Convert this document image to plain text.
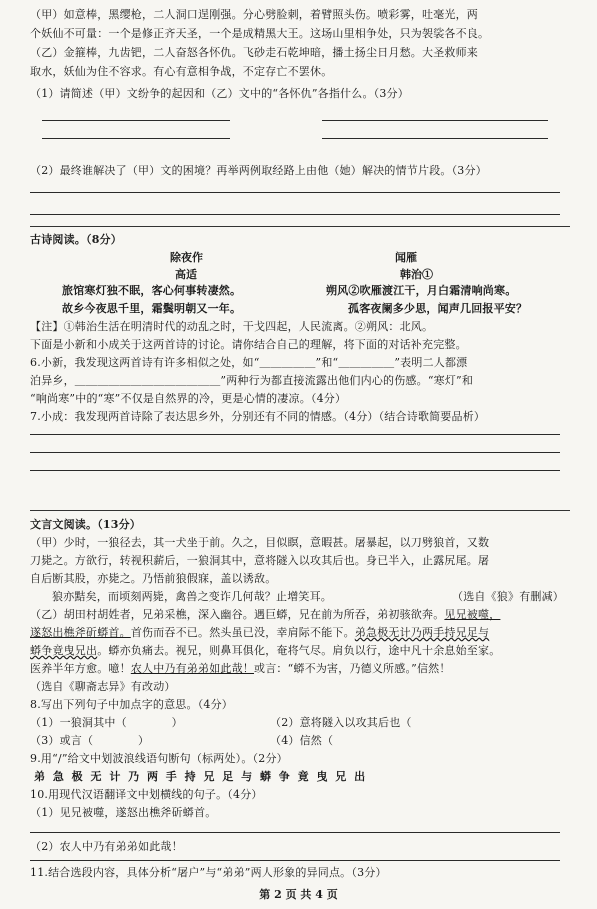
（甲）如意棒，黑缨枪，二人洞口逞刚强。分心劈脸刺，着臂照头伤。喷彩雾，吐毫光，两
个妖仙不可量：一个是修正齐天圣，一个是成精黑大王。这场山里相争处，只为袈裟各不良。
（乙）金箍棒，九齿钯，二人奋怒各怀仇。飞砂走石乾坤暗，播土扬尘日月愁。大圣救师来
取水，妖仙为住不容求。有心有意相争战，不定存亡不罢休。
（1）请简述（甲）文纷争的起因和（乙）文中的“各怀仇”各指什么。（3分）
（2）最终谁解决了（甲）文的困境？再举两例取经路上由他（她）解决的情节片段。（3分）
古诗阅读。（8分）
除夜作	闻雁
高适	韩治①
旅馆寒灯独不眠，客心何事转凄然。	朔风②吹雁渡江干，月白霜清响尚寒。
故乡今夜思千里，霜鬓明朝又一年。	孤客夜阑多少思，闻声几回报平安？
【注】①韩治生活在明清时代的动乱之时，干戈四起，人民流离。②朔风：北风。
下面是小新和小成关于这两首诗的讨论。请你结合自己的理解，将下面的对话补充完整。
6.小新，我发现这两首诗有许多相似之处，如“＿＿＿＿＿”和“＿＿＿＿＿”表明二人都漂
泊异乡，＿＿＿＿＿＿＿＿＿＿＿＿＿”两种行为都直接流露出他们内心的伤感。“寒灯”和
“响尚寒”中的“寒”不仅是自然界的冷，更是心情的凄凉。（4分）
7.小成：我发现两首诗除了表达思乡外，分别还有不同的情感。（4分）（结合诗歌简要品析）
文言文阅读。（13分）
（甲）少时，一狼径去，其一犬坐于前。久之，目似瞑，意暇甚。屠暴起，以刀劈狼首，又数
刀毙之。方欲行，转视积薪后，一狼洞其中，意将隧入以攻其后也。身已半入，止露尻尾。屠
自后断其股，亦毙之。乃悟前狼假寐，盖以诱敌。
狼亦黠矣，而顷刻两毙，禽兽之变诈几何哉？止增笑耳。	（选自《狼》有删减）
（乙）胡田村胡姓者，兄弟采樵，深入幽谷。遇巨蟒，兄在前为所吞，弟初骇欲奔。见兄被噬，
遂怒出樵斧斫蟒首。首伤而吞不已。然头虽已没，幸肩际不能下。弟急极无计乃两手持兄足与
蟒争竟曳兄出。蟒亦负痛去。视兄，则鼻耳俱化，奄将气尽。肩负以行，途中凡十余息始至家。
医养半年方愈。噫！农人中乃有弟弟如此哉！或言：“蟒不为害，乃德义所感。”信然！
（选自《聊斋志异》有改动）
8.写出下列句子中加点字的意思。（4分）
（1）一狼洞其中（　　　　）	（2）意将隧入以攻其后也（
（3）或言（　　　　）	（4）信然（
9.用“/”给文中划波浪线语句断句（标两处）。（2分）
弟 急 极 无 计 乃 两 手 持 兄 足 与 蟒 争 竟 曳 兄 出
10.用现代汉语翻译文中划横线的句子。（4分）
（1）见兄被噬，遂怒出樵斧斫蟒首。
（2）农人中乃有弟弟如此哉！
11.结合选段内容，具体分析“屠户”与“弟弟”两人形象的异同点。（3分）
第 2 页 共 4 页
